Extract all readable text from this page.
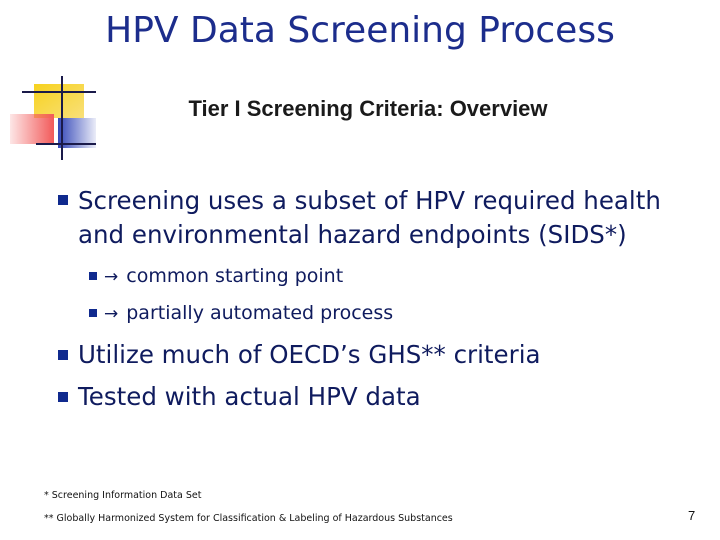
HPV Data Screening Process
Tier I Screening Criteria: Overview
Screening uses a subset of HPV required health
and environmental hazard endpoints (SIDS*)
→ common starting point
→ partially automated process
Utilize much of OECD’s GHS** criteria
Tested with actual HPV data
* Screening Information Data Set
** Globally Harmonized System for Classification & Labeling of Hazardous Substances	7
